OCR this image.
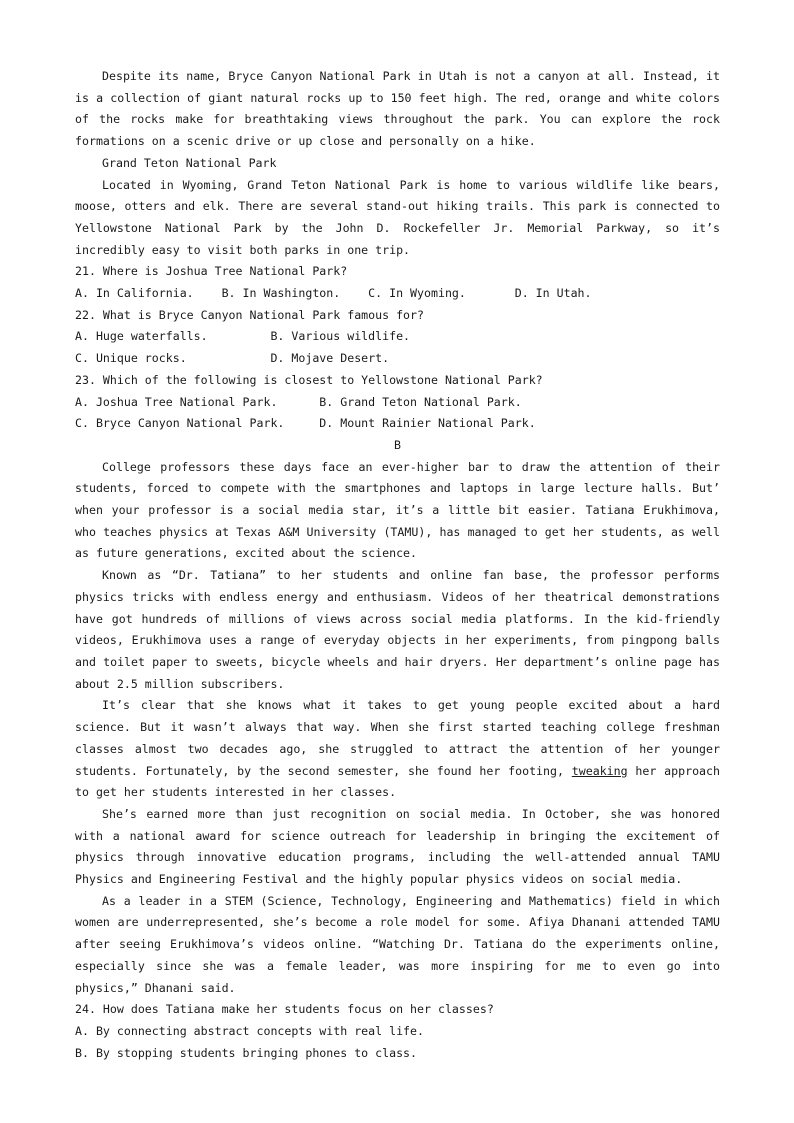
Despite its name, Bryce Canyon National Park in Utah is not a canyon at all. Instead, it is a collection of giant natural rocks up to 150 feet high. The red, orange and white colors of the rocks make for breathtaking views throughout the park. You can explore the rock formations on a scenic drive or up close and personally on a hike.

Grand Teton National Park

Located in Wyoming, Grand Teton National Park is home to various wildlife like bears, moose, otters and elk. There are several stand-out hiking trails. This park is connected to Yellowstone National Park by the John D. Rockefeller Jr. Memorial Parkway, so it’s incredibly easy to visit both parks in one trip.

21. Where is Joshua Tree National Park?

A. In California.    B. In Washington.    C. In Wyoming.       D. In Utah.

22. What is Bryce Canyon National Park famous for?

A. Huge waterfalls.         B. Various wildlife.

C. Unique rocks.            D. Mojave Desert.

23. Which of the following is closest to Yellowstone National Park?

A. Joshua Tree National Park.      B. Grand Teton National Park.

C. Bryce Canyon National Park.     D. Mount Rainier National Park.

B

College professors these days face an ever-higher bar to draw the attention of their students, forced to compete with the smartphones and laptops in large lecture halls. But’ when your professor is a social media star, it’s a little bit easier. Tatiana Erukhimova, who teaches physics at Texas A&M University (TAMU), has managed to get her students, as well as future generations, excited about the science.

Known as “Dr. Tatiana” to her students and online fan base, the professor performs physics tricks with endless energy and enthusiasm. Videos of her theatrical demonstrations have got hundreds of millions of views across social media platforms. In the kid-friendly videos, Erukhimova uses a range of everyday objects in her experiments, from pingpong balls and toilet paper to sweets, bicycle wheels and hair dryers. Her department’s online page has about 2.5 million subscribers.

It’s clear that she knows what it takes to get young people excited about a hard science. But it wasn’t always that way. When she first started teaching college freshman classes almost two decades ago, she struggled to attract the attention of her younger students. Fortunately, by the second semester, she found her footing, tweaking her approach to get her students interested in her classes.

She’s earned more than just recognition on social media. In October, she was honored with a national award for science outreach for leadership in bringing the excitement of physics through innovative education programs, including the well-attended annual TAMU Physics and Engineering Festival and the highly popular physics videos on social media.

As a leader in a STEM (Science, Technology, Engineering and Mathematics) field in which women are underrepresented, she’s become a role model for some. Afiya Dhanani attended TAMU after seeing Erukhimova’s videos online. “Watching Dr. Tatiana do the experiments online, especially since she was a female leader, was more inspiring for me to even go into physics,” Dhanani said.

24. How does Tatiana make her students focus on her classes?

A. By connecting abstract concepts with real life.

B. By stopping students bringing phones to class.
